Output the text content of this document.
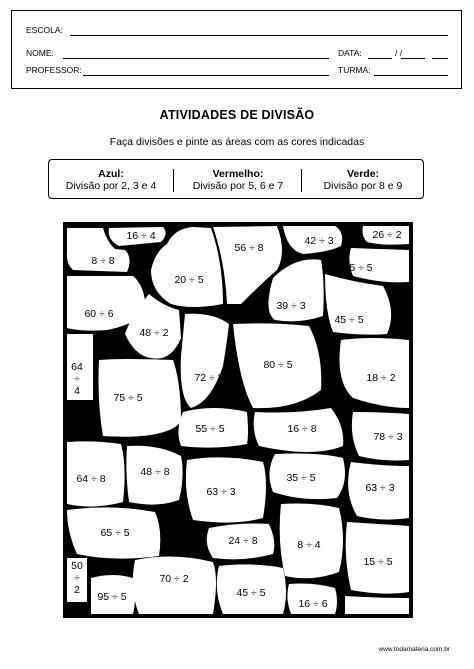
ESCOLA:
NOME:	DATA:	/ /
PROFESSOR:	TURMA:
ATIVIDADES DE DIVISÃO
Faça divisões e pinte as áreas com as cores indicadas
Azul:
Divisão por 2, 3 e 4
Vermelho:
Divisão por 5, 6 e 7
Verde:
Divisão por 8 e 9
16 ÷ 4
56 ÷ 8
42 ÷ 3	26 ÷ 2
8 ÷ 8
20 ÷ 5
5 ÷ 5
60 ÷ 6
39 ÷ 3
45 ÷ 5
48 ÷ 2
64 ÷ 4
80 ÷ 5
72 ÷ 8	18 ÷ 2
75 ÷ 5
55 ÷ 5	16 ÷ 8
78 ÷ 3
64 ÷ 8
48 ÷ 8	35 ÷ 5
63 ÷ 3	63 ÷ 3
65 ÷ 5
24 ÷ 8	8 ÷ 4
15 ÷ 5
50 ÷ 2
70 ÷ 2
95 ÷ 5	45 ÷ 5
16 ÷ 6
www.todamateria.com.br
